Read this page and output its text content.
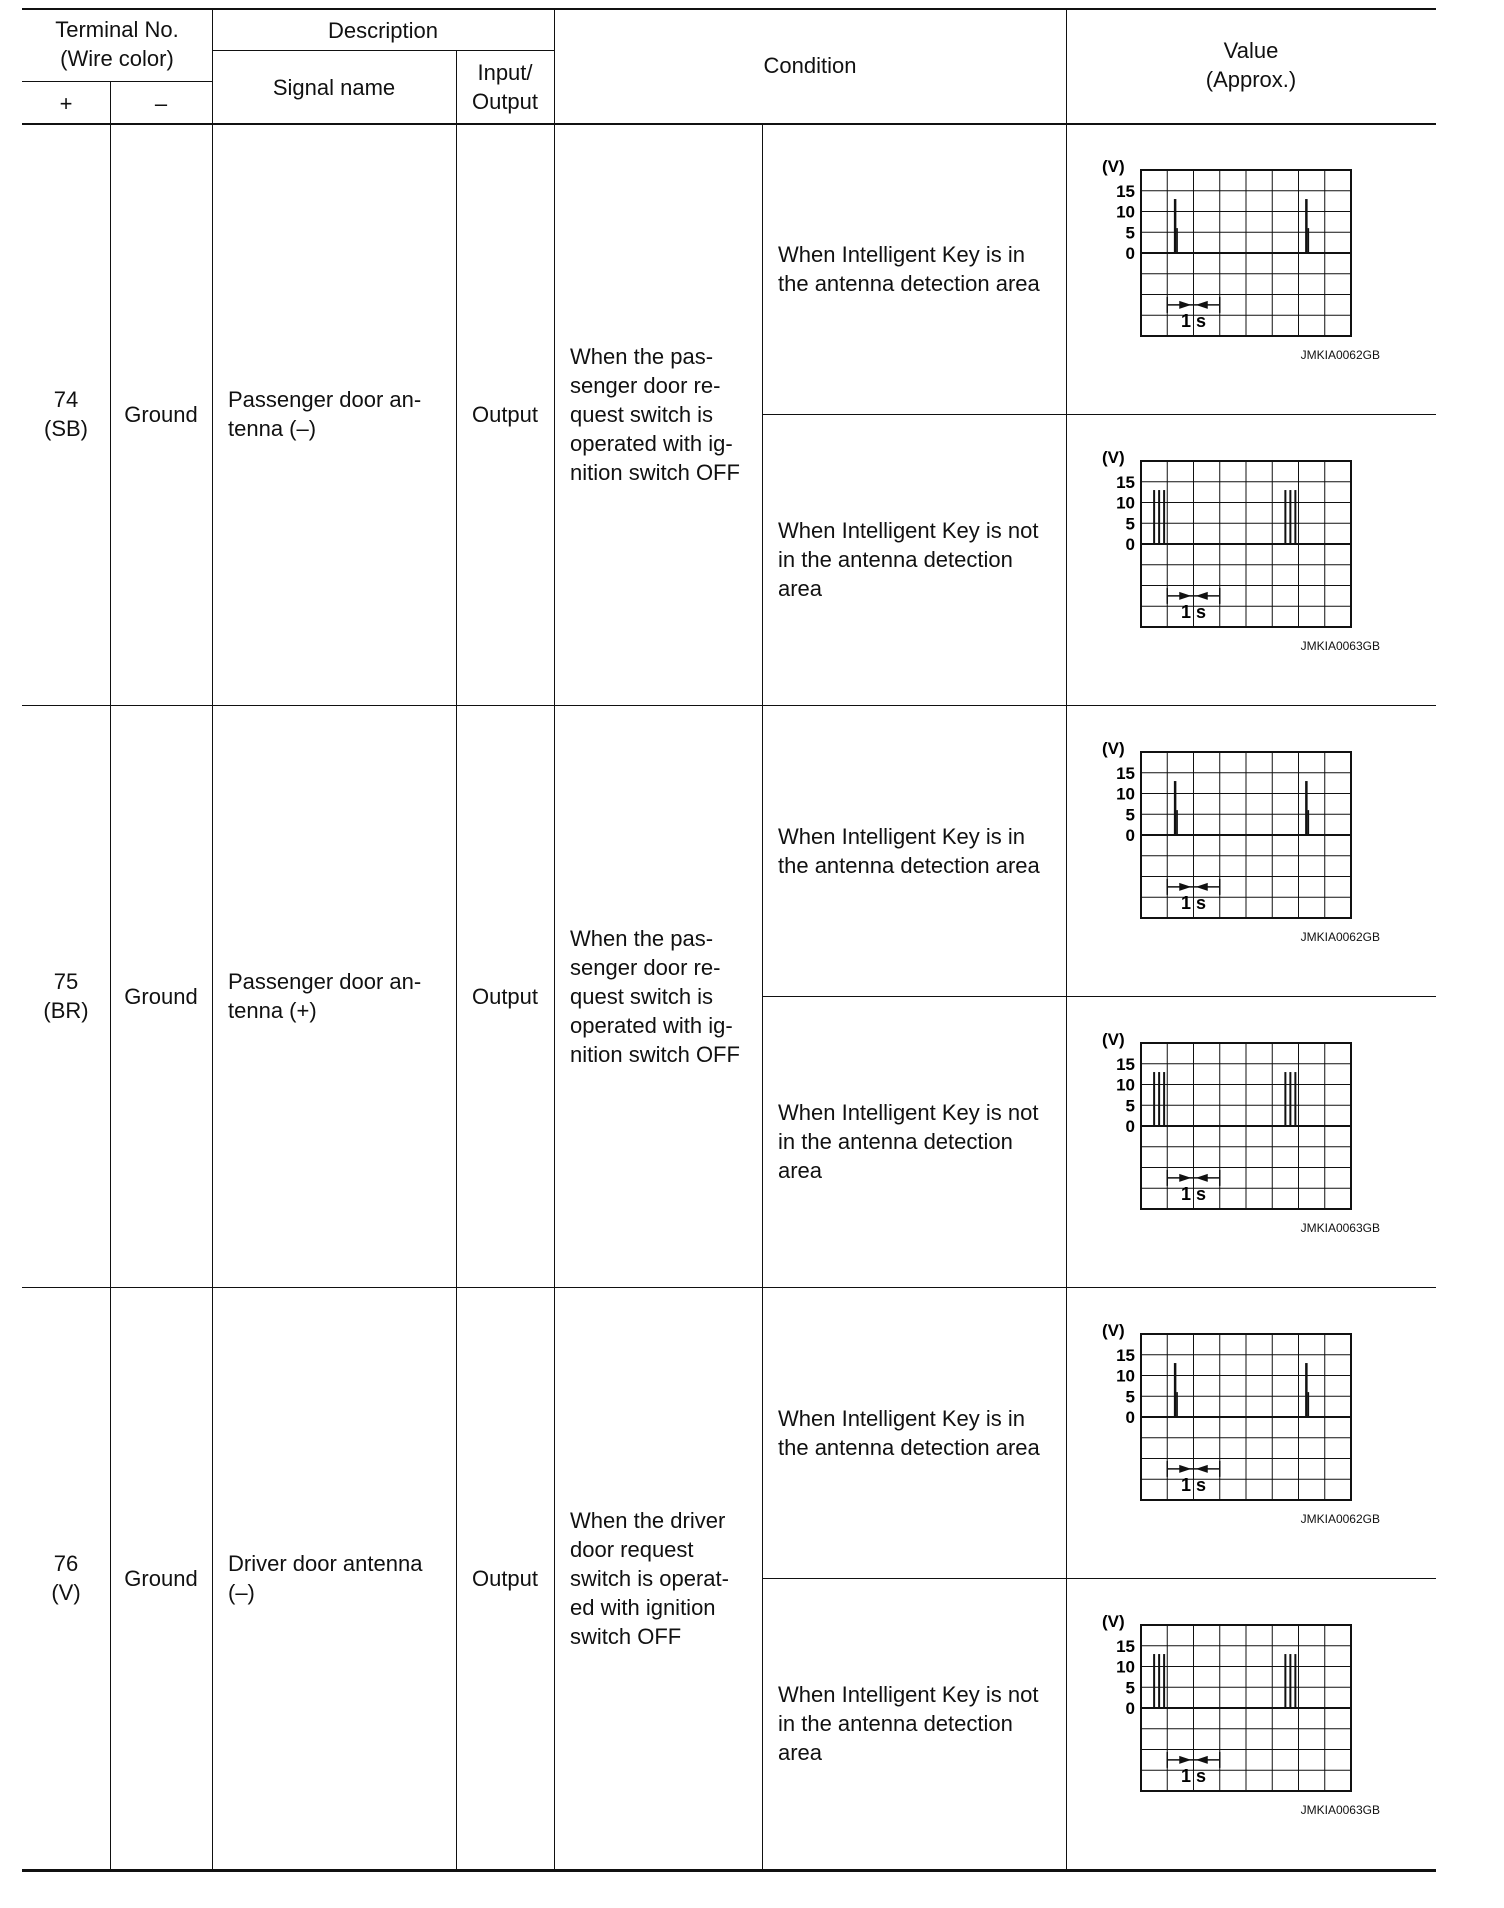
Terminal No.
(Wire color)
+	–
Description
Signal name
Input/
Output
Condition
Value
(Approx.)
74
(SB)
Ground
Passenger door an-
tenna (–)
Output
When the pas-
senger door re-
quest switch is
operated with ig-
nition switch OFF
When Intelligent Key is in
the antenna detection area
(V)
15
10
5
0
1 s
JMKIA0062GB
When Intelligent Key is not
in the antenna detection
area
(V)
15
10
5
0
1 s
JMKIA0063GB
75
(BR)
Ground
Passenger door an-
tenna (+)
Output
When the pas-
senger door re-
quest switch is
operated with ig-
nition switch OFF
When Intelligent Key is in
the antenna detection area
(V)
15
10
5
0
1 s
JMKIA0062GB
When Intelligent Key is not
in the antenna detection
area
(V)
15
10
5
0
1 s
JMKIA0063GB
76
(V)
Ground
Driver door antenna
(–)
Output
When the driver
door request
switch is operat-
ed with ignition
switch OFF
When Intelligent Key is in
the antenna detection area
(V)
15
10
5
0
1 s
JMKIA0062GB
When Intelligent Key is not
in the antenna detection
area
(V)
15
10
5
0
1 s
JMKIA0063GB
